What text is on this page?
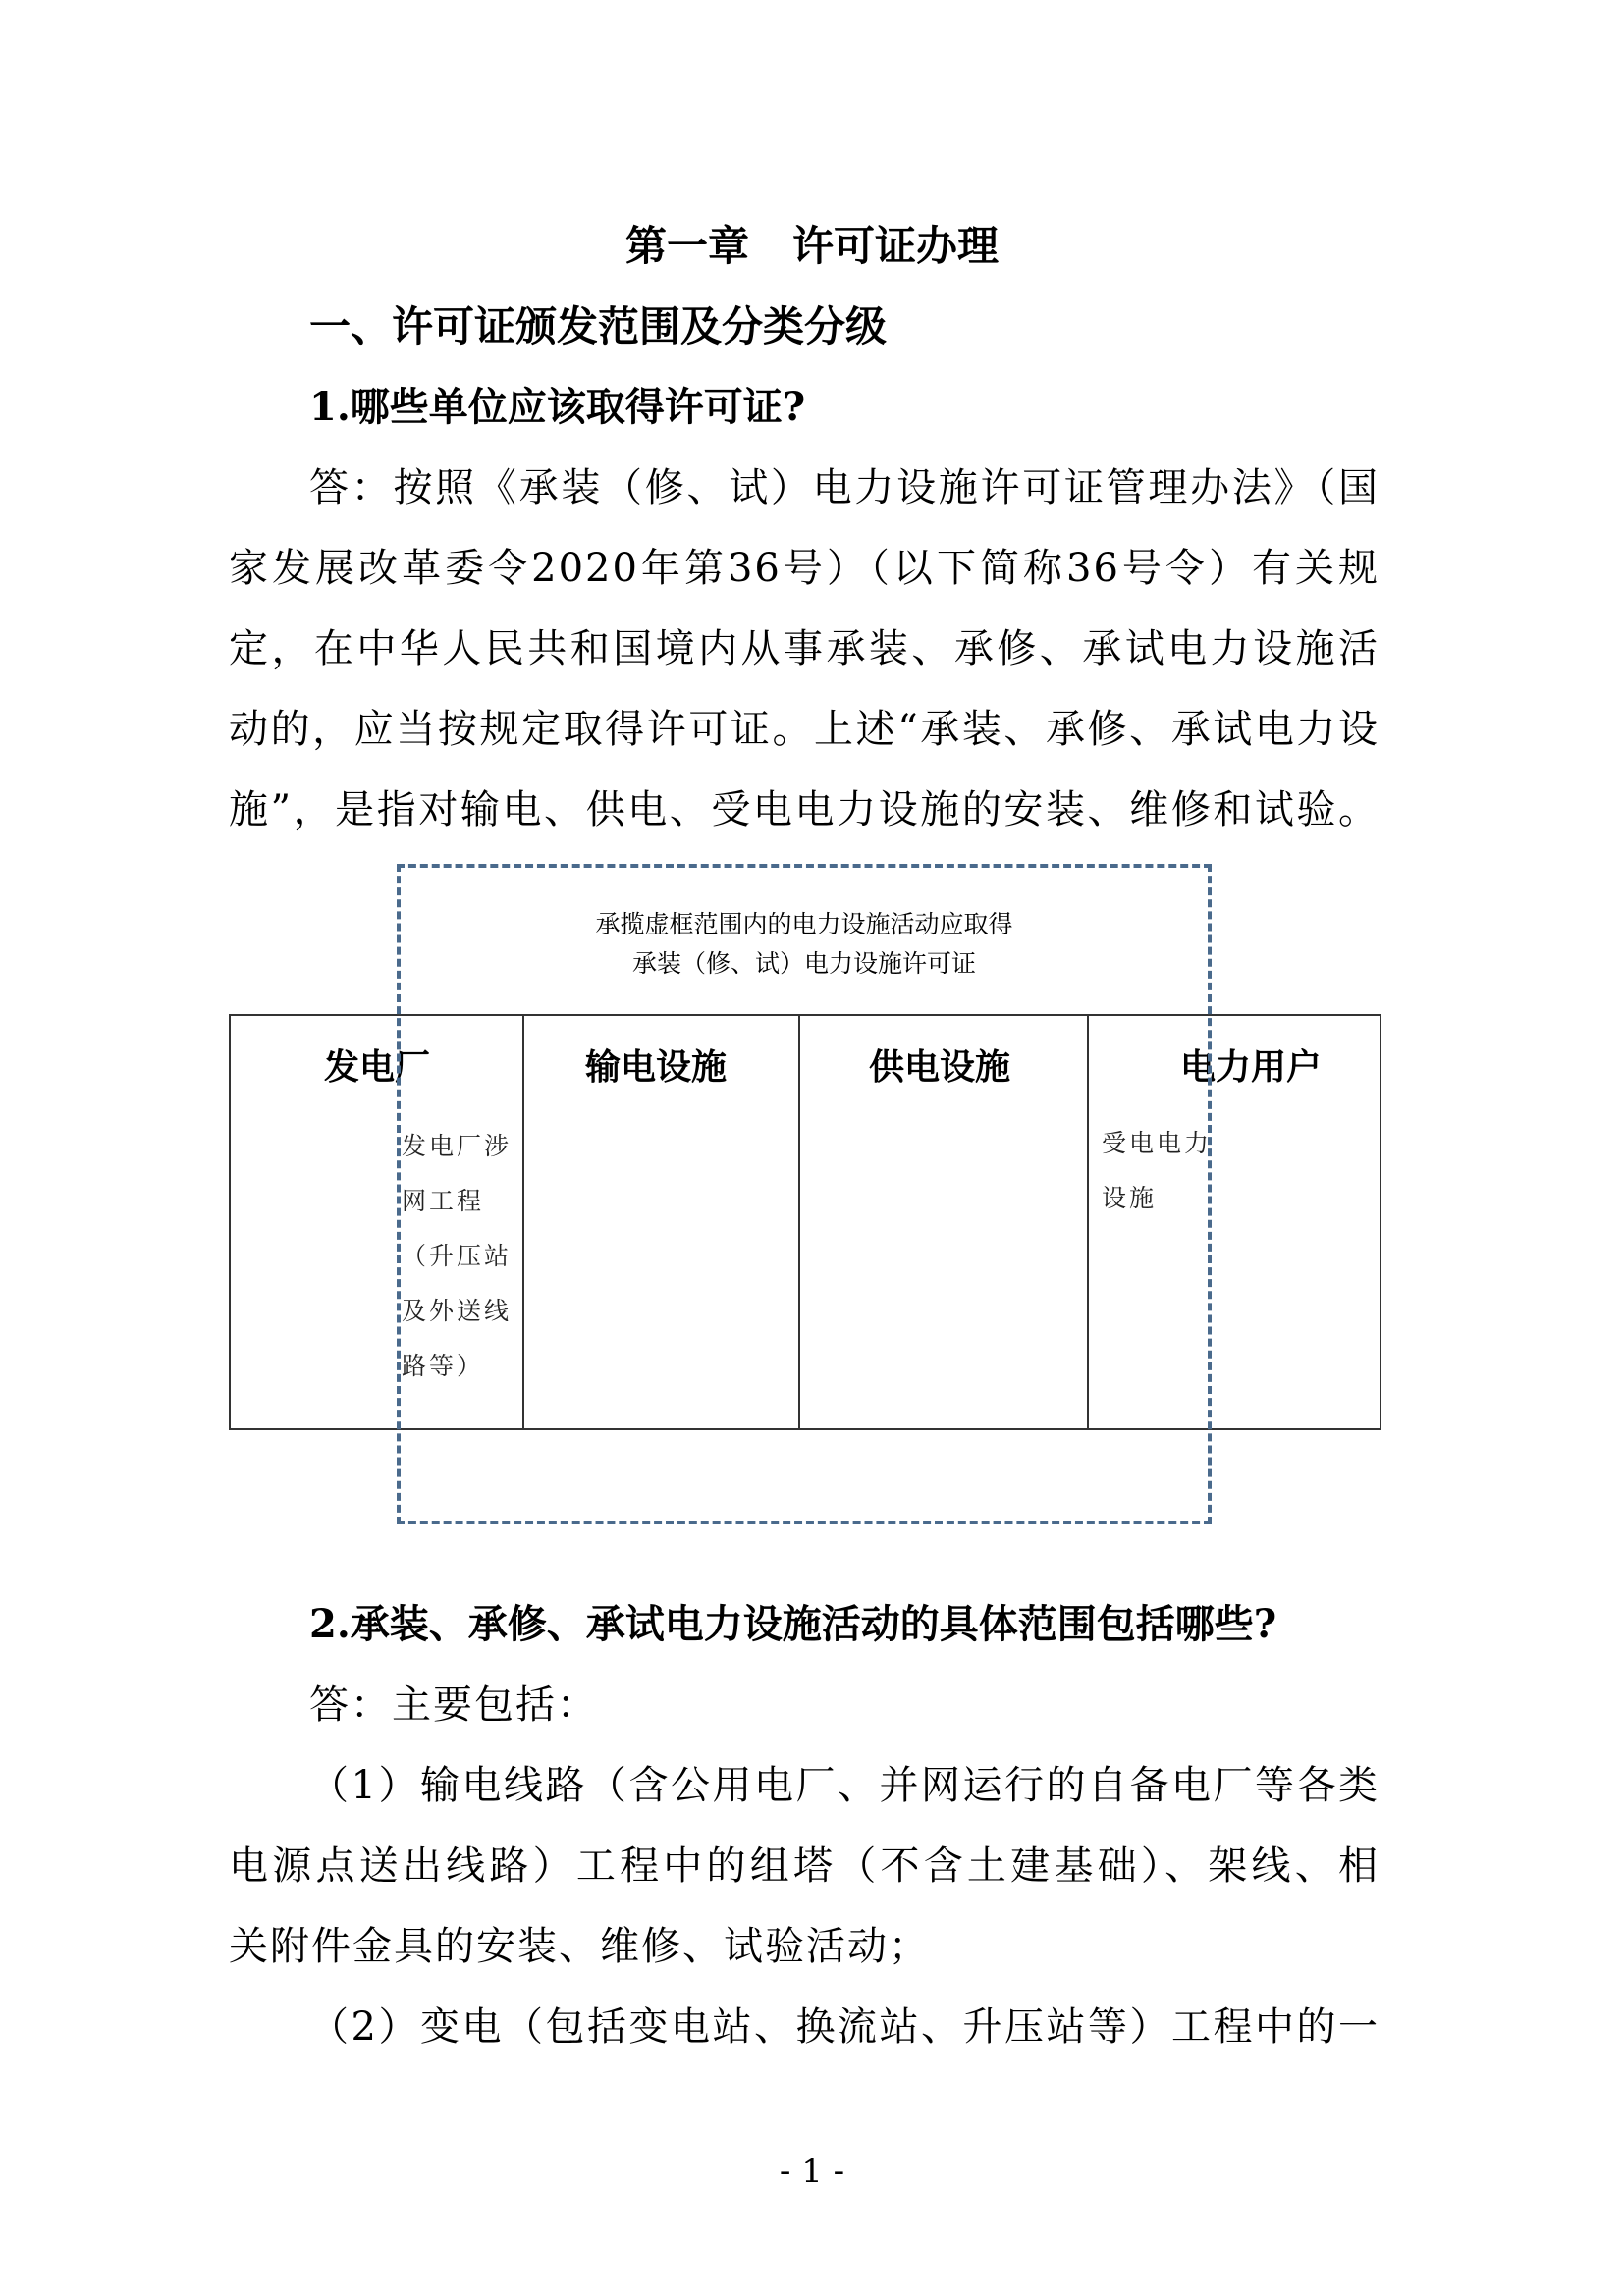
第一章 许可证办理
一、许可证颁发范围及分类分级
1.哪些单位应该取得许可证?
答：按照《承装（修、试）电力设施许可证管理办法》（国
家发展改革委令2020年第36号）（以下简称36号令）有关规
定，在中华人民共和国境内从事承装、承修、承试电力设施活
动的，应当按规定取得许可证。上述“承装、承修、承试电力设
施”，是指对输电、供电、受电电力设施的安装、维修和试验。
承揽虚框范围内的电力设施活动应取得
承装（修、试）电力设施许可证
发电厂
发电厂涉
网工程
（升压站
及外送线
路等）
输电设施	供电设施	电力用户
受电电力
设施
2.承装、承修、承试电力设施活动的具体范围包括哪些?
答：主要包括：
（1）输电线路（含公用电厂、并网运行的自备电厂等各类
电源点送出线路）工程中的组塔（不含土建基础）、架线、相
关附件金具的安装、维修、试验活动；
（2）变电（包括变电站、换流站、升压站等）工程中的一
- 1 -
